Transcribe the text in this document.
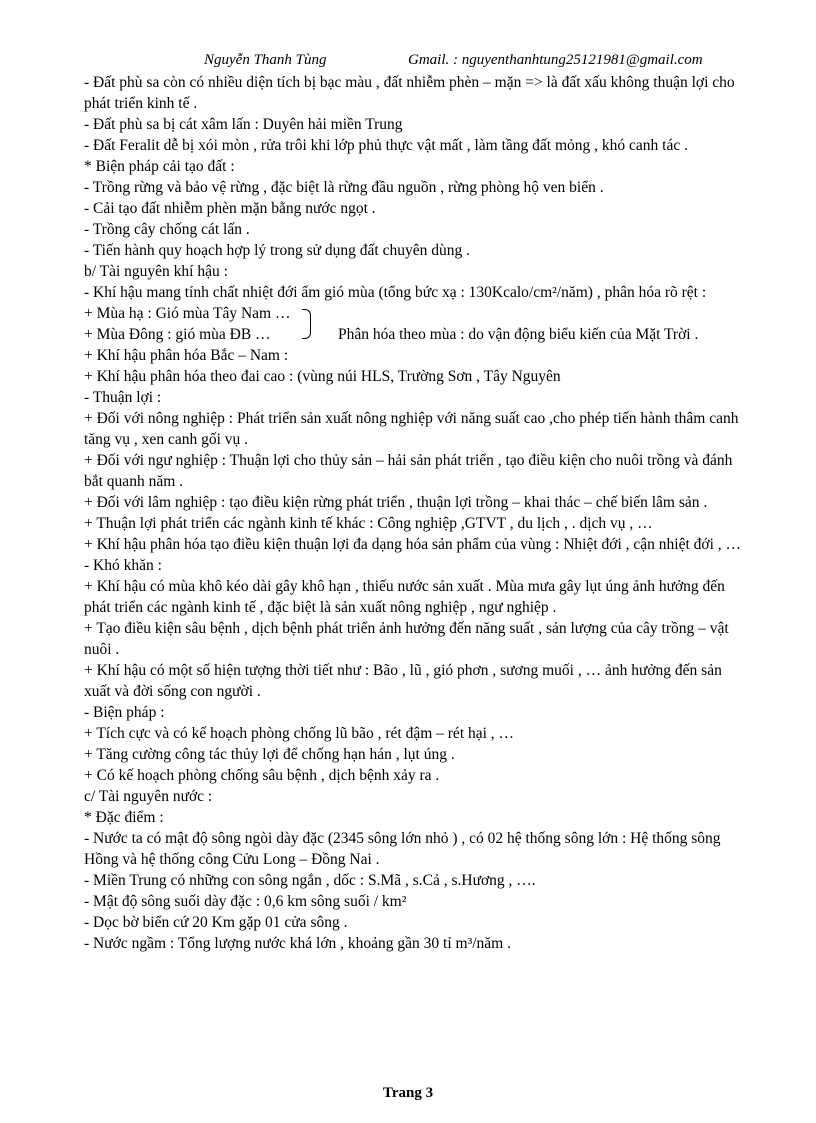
Nguyễn Thanh Tùng	Gmail. : nguyenthanhtung25121981@gmail.com

- Đất phù sa còn có nhiều diện tích bị bạc màu , đất nhiễm phèn – mặn => là đất xấu không thuận lợi cho phát triển kinh tế .

- Đất phù sa bị cát xâm lấn : Duyên hải miền Trung

- Đất Feralit dễ bị xói mòn , rửa trôi khi lớp phủ thực vật mất , làm tầng đất mỏng , khó canh tác .

* Biện pháp cải tạo đất :

- Trồng rừng và bảo vệ rừng , đặc biệt là rừng đầu nguồn , rừng phòng hộ ven biển .

- Cải tạo đất nhiễm phèn mặn bằng nước ngọt .

- Trồng cây chống cát lấn .

- Tiến hành quy hoạch hợp lý trong sử dụng đất chuyên dùng .

b/ Tài nguyên khí hậu :

- Khí hậu mang tính chất nhiệt đới ẩm gió mùa (tổng bức xạ : 130Kcalo/cm²/năm) , phân hóa rõ rệt :

+ Mùa hạ : Gió mùa Tây Nam …
+ Mùa Đông : gió mùa ĐB …	Phân hóa theo mùa : do vận động biểu kiến của Mặt Trời .

+ Khí hậu phân hóa Bắc – Nam :

+ Khí hậu phân hóa theo đai cao : (vùng núi HLS, Trường Sơn , Tây Nguyên

- Thuận lợi :

+ Đối với nông nghiệp : Phát triển sản xuất nông nghiệp với năng suất cao ,cho phép tiến hành thâm canh tăng vụ , xen canh gối vụ .

+ Đối với ngư nghiệp : Thuận lợi cho thủy sản – hải sản phát triển , tạo điều kiện cho nuôi trồng và đánh bắt quanh năm .

+ Đối với lâm nghiệp : tạo điều kiện rừng phát triển , thuận lợi trồng – khai thác – chế biến lâm sản .

+ Thuận lợi phát triển các ngành kinh tế khác : Công nghiệp ,GTVT , du lịch , . dịch vụ , …

+ Khí hậu phân hóa tạo điều kiện thuận lợi đa dạng hóa sản phẩm của vùng : Nhiệt đới , cận nhiệt đới , …

- Khó khăn :

+ Khí hậu có mùa khô kéo dài gây khô hạn , thiếu nước sản xuất . Mùa mưa gây lụt úng ảnh hưởng đến phát triển các ngành kinh tế , đặc biệt là sản xuất nông nghiệp , ngư nghiệp .

+ Tạo điều kiện sâu bệnh , dịch bệnh phát triển ảnh hưởng đến năng suất , sản lượng của cây trồng – vật nuôi .

+ Khí hậu có một số hiện tượng thời tiết như : Bão , lũ , gió phơn , sương muối , … ảnh hưởng đến sản xuất và đời sống con người .

- Biện pháp :

+ Tích cực và có kế hoạch phòng chống lũ bão , rét đậm – rét hại , …

+ Tăng cường công tác thủy lợi để chống hạn hán , lụt úng .

+ Có kế hoạch phòng chống sâu bệnh , dịch bệnh xảy ra .

c/ Tài nguyên nước :

* Đặc điểm :

- Nước ta có mật độ sông ngòi dày đặc (2345 sông lớn nhỏ ) , có 02 hệ thống sông lớn : Hệ thống sông Hồng và hệ thống công Cửu Long – Đồng Nai .

- Miền Trung có những con sông ngắn , dốc : S.Mã , s.Cả , s.Hương , ….

- Mật độ sông suối dày đặc : 0,6 km sông suối / km²

- Dọc bờ biển cứ 20 Km gặp 01 cửa sông .

- Nước ngầm : Tổng lượng nước khá lớn , khoảng gần 30 tỉ m³/năm .

Trang 3
